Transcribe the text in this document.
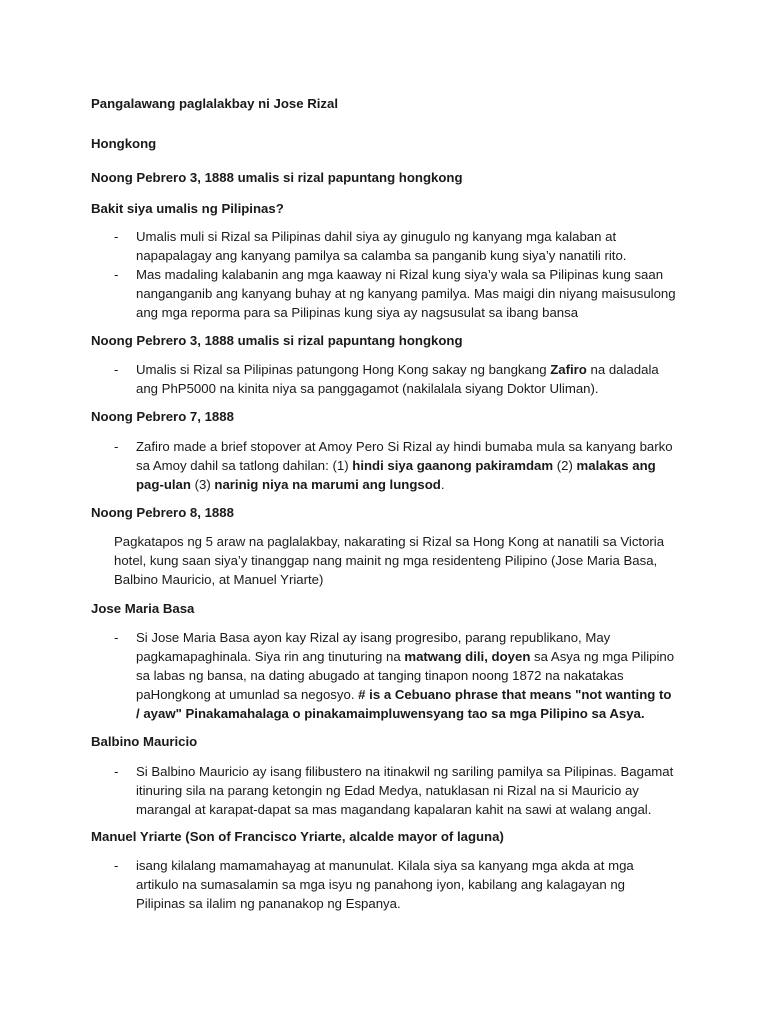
Pangalawang paglalakbay ni Jose Rizal
Hongkong
Noong Pebrero 3, 1888 umalis si rizal papuntang hongkong
Bakit siya umalis ng Pilipinas?
- Umalis muli si Rizal sa Pilipinas dahil siya ay ginugulo ng kanyang mga kalaban at napapalagay ang kanyang pamilya sa calamba sa panganib kung siya’y nanatili rito.
- Mas madaling kalabanin ang mga kaaway ni Rizal kung siya’y wala sa Pilipinas kung saan nanganganib ang kanyang buhay at ng kanyang pamilya. Mas maigi din niyang maisusulong ang mga reporma para sa Pilipinas kung siya ay nagsusulat sa ibang bansa
Noong Pebrero 3, 1888 umalis si rizal papuntang hongkong
- Umalis si Rizal sa Pilipinas patungong Hong Kong sakay ng bangkang Zafiro na daladala ang PhP5000 na kinita niya sa panggagamot (nakilalala siyang Doktor Uliman).
Noong Pebrero 7, 1888
- Zafiro made a brief stopover at Amoy Pero Si Rizal ay hindi bumaba mula sa kanyang barko sa Amoy dahil sa tatlong dahilan: (1) hindi siya gaanong pakiramdam (2) malakas ang pag-ulan (3) narinig niya na marumi ang lungsod.
Noong Pebrero 8, 1888
Pagkatapos ng 5 araw na paglalakbay, nakarating si Rizal sa Hong Kong at nanatili sa Victoria hotel, kung saan siya’y tinanggap nang mainit ng mga residenteng Pilipino (Jose Maria Basa, Balbino Mauricio, at Manuel Yriarte)
Jose Maria Basa
- Si Jose Maria Basa ayon kay Rizal ay isang progresibo, parang republikano, May pagkamapaghinala. Siya rin ang tinuturing na matwang dili, doyen sa Asya ng mga Pilipino sa labas ng bansa, na dating abugado at tanging tinapon noong 1872 na nakatakas paHongkong at umunlad sa negosyo. # is a Cebuano phrase that means "not wanting to / ayaw" Pinakamahalaga o pinakamaimpluwensyang tao sa mga Pilipino sa Asya.
Balbino Mauricio
- Si Balbino Mauricio ay isang filibustero na itinakwil ng sariling pamilya sa Pilipinas. Bagamat itinuring sila na parang ketongin ng Edad Medya, natuklasan ni Rizal na si Mauricio ay marangal at karapat-dapat sa mas magandang kapalaran kahit na sawi at walang angal.
Manuel Yriarte (Son of Francisco Yriarte, alcalde mayor of laguna)
- isang kilalang mamamahayag at manunulat. Kilala siya sa kanyang mga akda at mga artikulo na sumasalamin sa mga isyu ng panahong iyon, kabilang ang kalagayan ng Pilipinas sa ilalim ng pananakop ng Espanya.
